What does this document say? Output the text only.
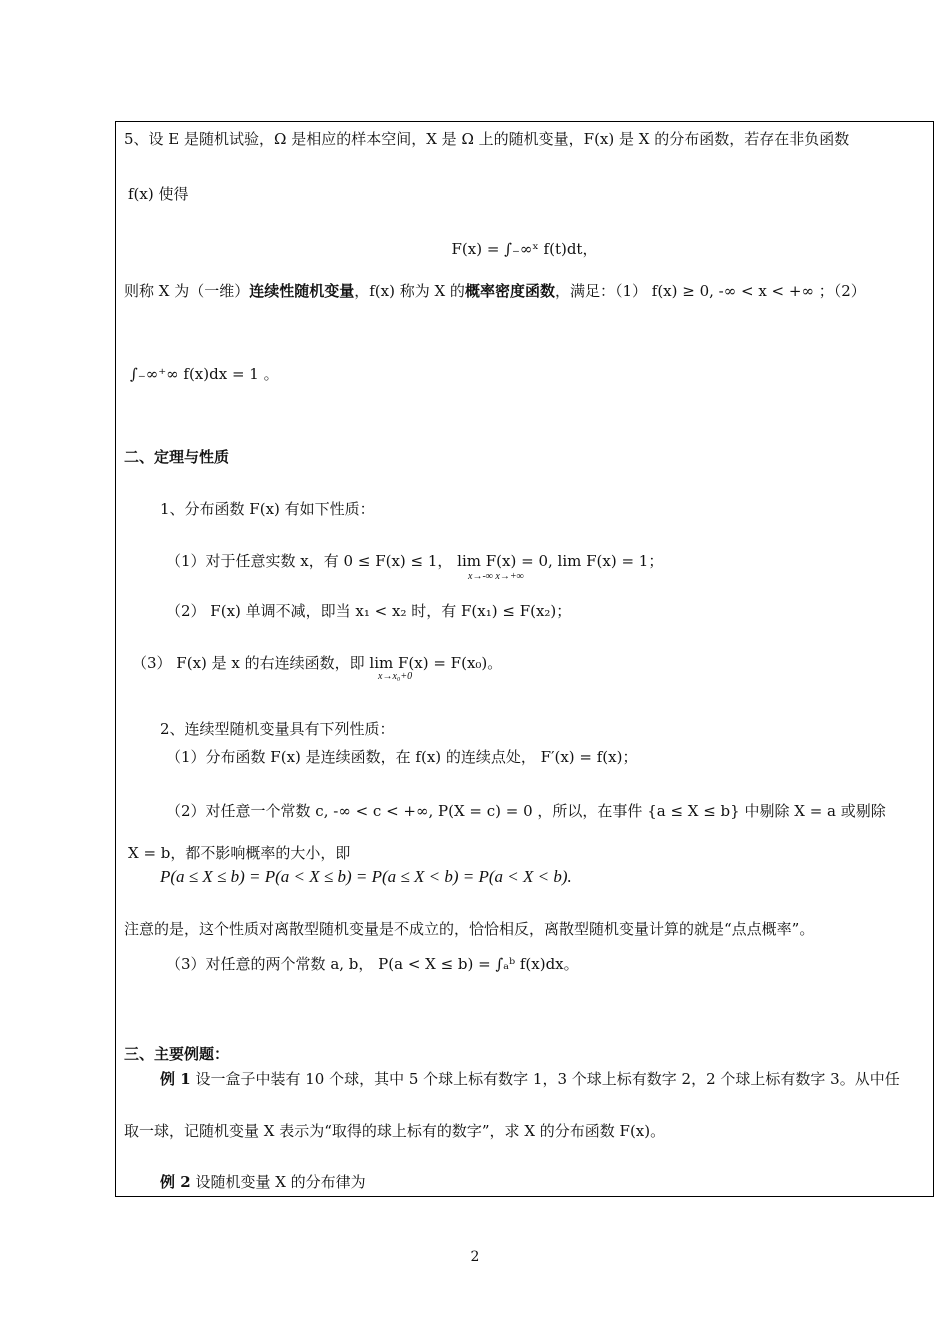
5、设 E 是随机试验，Ω 是相应的样本空间，X 是 Ω 上的随机变量，F(x) 是 X 的分布函数，若存在非负函数
f(x) 使得
F(x) = ∫₋∞ˣ f(t)dt，
则称 X 为（一维）连续性随机变量，f(x) 称为 X 的概率密度函数，满足：（1） f(x) ≥ 0, -∞ < x < +∞ ；（2）
∫₋∞⁺∞ f(x)dx = 1 。
二、定理与性质
1、分布函数 F(x) 有如下性质：
（1）对于任意实数 x，有 0 ≤ F(x) ≤ 1， lim F(x) = 0, lim F(x) = 1；
x→-∞ x→+∞
（2） F(x) 单调不减，即当 x₁ < x₂ 时，有 F(x₁) ≤ F(x₂)；
（3） F(x) 是 x 的右连续函数，即 lim F(x) = F(x₀)。
x→x₀+0
2、连续型随机变量具有下列性质：
（1）分布函数 F(x) 是连续函数，在 f(x) 的连续点处， F′(x) = f(x)；
（2）对任意一个常数 c, -∞ < c < +∞, P(X = c) = 0 ，所以，在事件 {a ≤ X ≤ b} 中剔除 X = a 或剔除
X = b，都不影响概率的大小，即
P(a ≤ X ≤ b) = P(a < X ≤ b) = P(a ≤ X < b) = P(a < X < b).
注意的是，这个性质对离散型随机变量是不成立的，恰恰相反，离散型随机变量计算的就是“点点概率”。
（3）对任意的两个常数 a, b， P(a < X ≤ b) = ∫ₐᵇ f(x)dx。
三、主要例题：
例 1 设一盒子中装有 10 个球，其中 5 个球上标有数字 1，3 个球上标有数字 2，2 个球上标有数字 3。从中任
取一球，记随机变量 X 表示为“取得的球上标有的数字”，求 X 的分布函数 F(x)。
例 2 设随机变量 X 的分布律为
2
